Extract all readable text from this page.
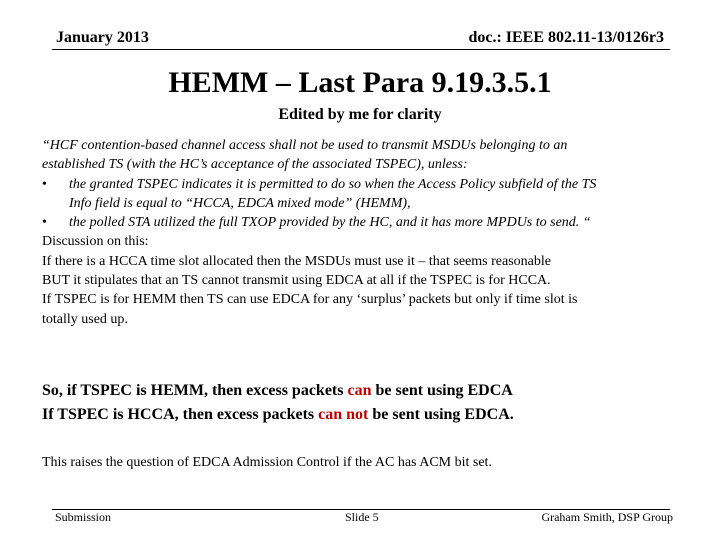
January 2013	doc.: IEEE 802.11-13/0126r3
HEMM – Last Para 9.19.3.5.1
Edited by me for clarity

“HCF contention-based channel access shall not be used to transmit MSDUs belonging to an

established TS (with the HC’s acceptance of the associated TSPEC), unless:

• the granted TSPEC indicates it is permitted to do so when the Access Policy subfield of the TS

Info field is equal to “HCCA, EDCA mixed mode” (HEMM),

• the polled STA utilized the full TXOP provided by the HC, and it has more MPDUs to send. “

Discussion on this:

If there is a HCCA time slot allocated then the MSDUs must use it – that seems reasonable

BUT it stipulates that an TS cannot transmit using EDCA at all if the TSPEC is for HCCA.

If TSPEC is for HEMM then TS can use EDCA for any ‘surplus’ packets but only if time slot is

totally used up.

So, if TSPEC is HEMM, then excess packets can be sent using EDCA

If TSPEC is HCCA, then excess packets can not be sent using EDCA.

This raises the question of EDCA Admission Control if the AC has ACM bit set.
Submission	Slide 5	Graham Smith, DSP Group
